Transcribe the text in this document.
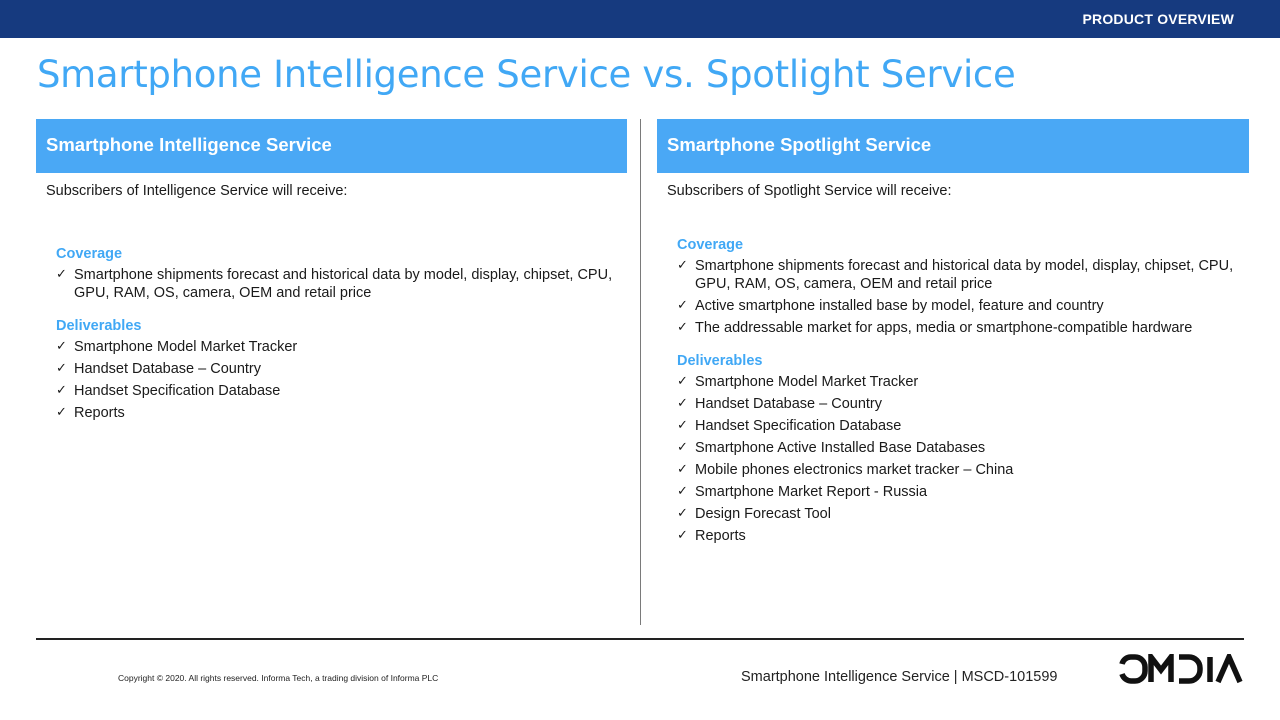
PRODUCT OVERVIEW
Smartphone Intelligence Service vs. Spotlight Service
Smartphone Intelligence Service

Subscribers of Intelligence Service will receive:

Coverage
✓ Smartphone shipments forecast and historical data by model, display, chipset, CPU, GPU, RAM, OS, camera, OEM and retail price
Deliverables
✓ Smartphone Model Market Tracker
✓ Handset Database – Country
✓ Handset Specification Database
✓ Reports
Smartphone Spotlight Service

Subscribers of Spotlight Service will receive:

Coverage
✓ Smartphone shipments forecast and historical data by model, display, chipset, CPU, GPU, RAM, OS, camera, OEM and retail price
✓ Active smartphone installed base by model, feature and country
✓ The addressable market for apps, media or smartphone-compatible hardware
Deliverables
✓ Smartphone Model Market Tracker
✓ Handset Database – Country
✓ Handset Specification Database
✓ Smartphone Active Installed Base Databases
✓ Mobile phones electronics market tracker – China
✓ Smartphone Market Report - Russia
✓ Design Forecast Tool
✓ Reports
Copyright © 2020. All rights reserved. Informa Tech, a trading division of Informa PLC	Smartphone Intelligence Service | MSCD-101599
